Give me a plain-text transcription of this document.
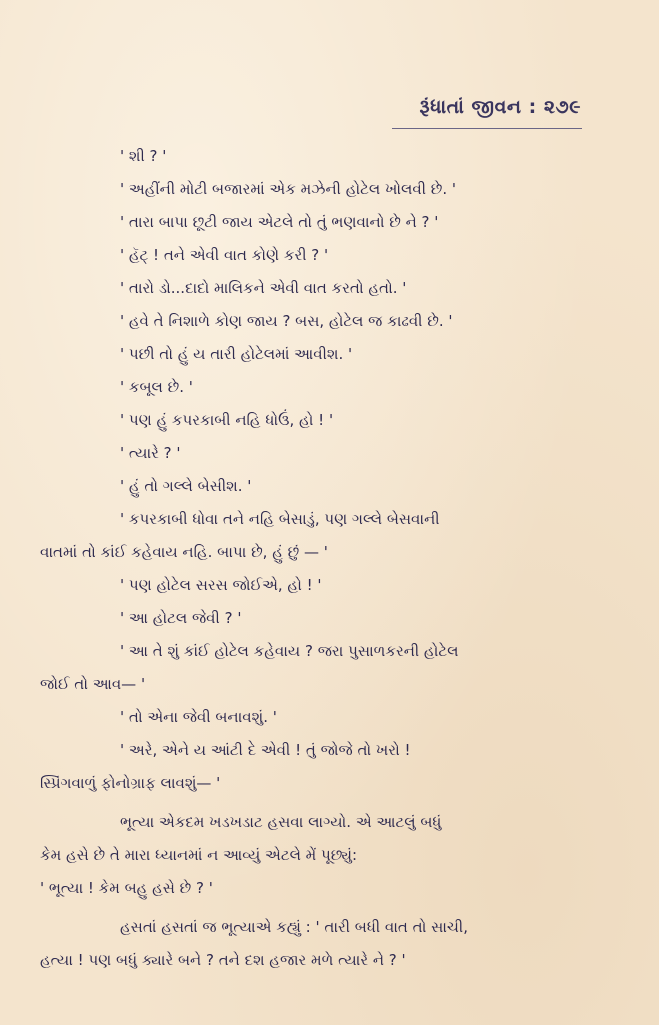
રૂંધાતાં જીવન : ૨૭૯
' શી ? '
' અહીંની મોટી બજારમાં એક મઝેની હોટેલ ખોલવી છે. '
' તારા બાપા છૂટી જાય એટલે તો તું ભણવાનો છે ને ? '
' હૅટ્ ! તને એવી વાત કોણે કરી ? '
' તારો ડો...દાદો માલિકને એવી વાત કરતો હતો. '
' હવે તે નિશાળે કોણ જાય ? બસ, હોટેલ જ કાઢવી છે. '
' પછી તો હું ય તારી હોટેલમાં આવીશ. '
' કબૂલ છે. '
' પણ હું કપરકાબી નહિ ધોઉં, હો ! '
' ત્યારે ? '
' હું તો ગલ્લે બેસીશ. '
' કપરકાબી ધોવા તને નહિ બેસાડું, પણ ગલ્લે બેસવાની
વાતમાં તો કાંઈ કહેવાય નહિ. બાપા છે, હું છું — '
' પણ હોટેલ સરસ જોઈએ, હો ! '
' આ હોટલ જેવી ? '
' આ તે શું કાંઈ હોટેલ કહેવાય ? જરા પુસાળકરની હોટેલ
જોઈ તો આવ— '
' તો એના જેવી બનાવશું. '
' અરે, એને ય આંટી દે એવી ! તું જોજે તો ખરો !
સ્પ્રિંગવાળું ફોનોગ્રાફ લાવશું— '
ભૂત્યા એકદમ ખડખડાટ હસવા લાગ્યો. એ આટલું બધું
કેમ હસે છે તે મારા ધ્યાનમાં ન આવ્યું એટલે મેં પૂછ્યું:
' ભૂત્યા ! કેમ બહુ હસે છે ? '
હસતાં હસતાં જ ભૂત્યાએ કહ્યું : ' તારી બધી વાત તો સાચી,
હત્યા ! પણ બધું ક્યારે બને ? તને દશ હજાર મળે ત્યારે ને ? '
